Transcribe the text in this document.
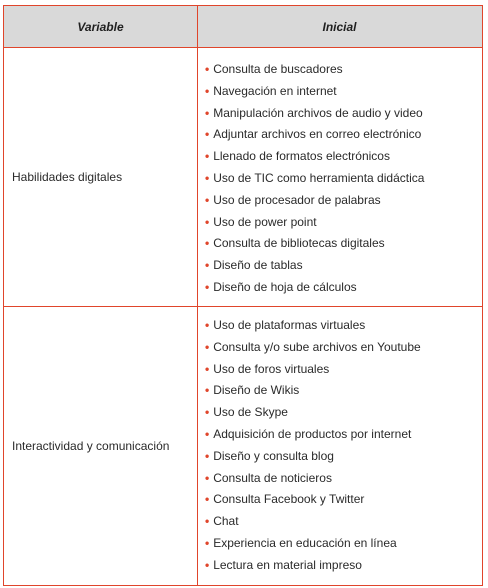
Variable	Inicial
Habilidades digitales
• Consulta de buscadores
• Navegación en internet
• Manipulación archivos de audio y video
• Adjuntar archivos en correo electrónico
• Llenado de formatos electrónicos
• Uso de TIC como herramienta didáctica
• Uso de procesador de palabras
• Uso de power point
• Consulta de bibliotecas digitales
• Diseño de tablas
• Diseño de hoja de cálculos
Interactividad y comunicación
• Uso de plataformas virtuales
• Consulta y/o sube archivos en Youtube
• Uso de foros virtuales
• Diseño de Wikis
• Uso de Skype
• Adquisición de productos por internet
• Diseño y consulta blog
• Consulta de noticieros
• Consulta Facebook y Twitter
• Chat
• Experiencia en educación en línea
• Lectura en material impreso
